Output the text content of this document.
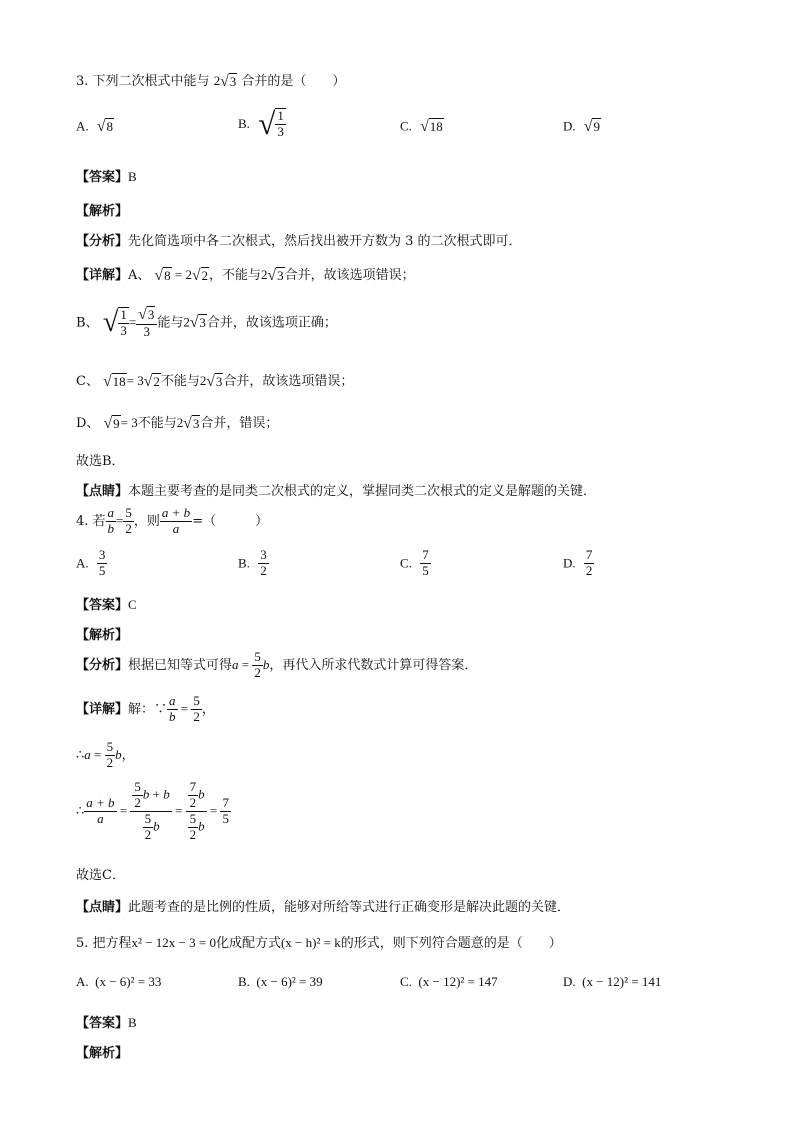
3. 下列二次根式中能与 2√3 合并的是（　　）
A. √8	B. √ $\frac{1}{3}$	C. √18	D. √9
【答案】B
【解析】
【分析】先化简选项中各二次根式，然后找出被开方数为 3 的二次根式即可．
【详解】A、 √8 = 2√2，不能与2√3合并，故该选项错误；
B、 √ $\frac{1}{3} = \frac{√3}{3}$ 能与2√3合并，故该选项正确；
C、 √18= 3√2不能与2√3合并，故该选项错误；
D、 √9= 3不能与2√3合并，错误；
故选B．
【点睛】本题主要考查的是同类二次根式的定义，掌握同类二次根式的定义是解题的关键．
4. 若 $\frac{a}{b} = \frac{5}{2}$ ，则 $\frac{a + b}{a}$ =（　　　）
A. $\frac{3}{5}$	B. $\frac{3}{2}$	C. $\frac{7}{5}$	D. $\frac{7}{2}$
【答案】C
【解析】
【分析】根据已知等式可得$a = \frac{5}{2}$ b，再代入所求代数式计算可得答案．
【详解】解：∵ $\frac{a}{b} = \frac{5}{2}$ ，
∴a = $\frac{5}{2}$ b，
∴ $\frac{a + b}{a} = \frac{\frac{5}{2} b + b}{\frac{5}{2} b} = \frac{\frac{7}{2} b}{\frac{5}{2} b} = \frac{7}{5}$
故选C．
【点睛】此题考查的是比例的性质，能够对所给等式进行正确变形是解决此题的关键．
5. 把方程x² − 12x − 3 = 0化成配方式(x − h)² = k的形式，则下列符合题意的是（　　）
A. (x − 6)² = 33	B. (x − 6)² = 39	C. (x − 12)² = 147	D. (x − 12)² = 141
【答案】B
【解析】
